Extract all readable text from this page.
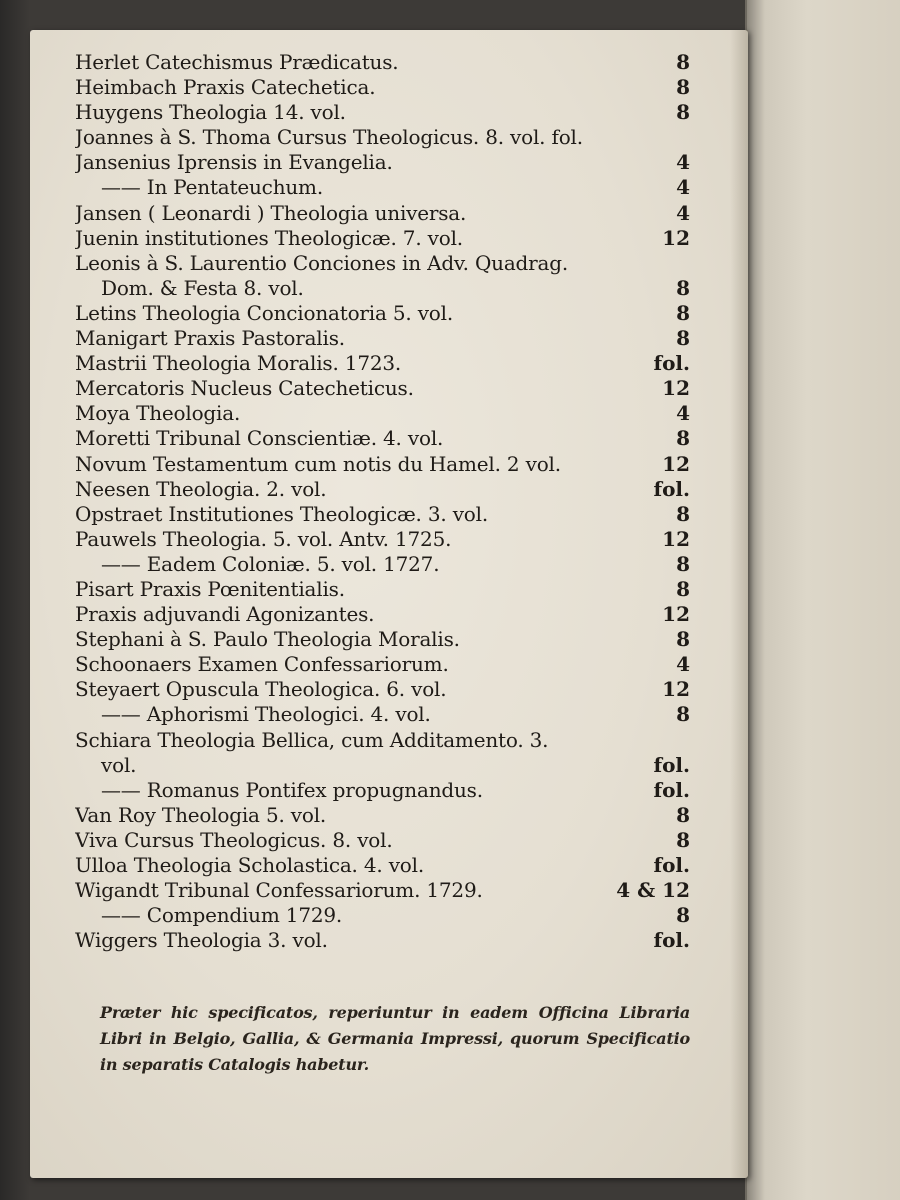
Herlet Catechismus Prædicatus.	8
Heimbach Praxis Catechetica.	8
Huygens Theologia 14. vol.	8
Joannes à S. Thoma Cursus Theologicus. 8. vol. fol.
Jansenius Iprensis in Evangelia.	4
—— In Pentateuchum.	4
Jansen ( Leonardi ) Theologia universa.	4
Juenin institutiones Theologicæ. 7. vol.	12
Leonis à S. Laurentio Conciones in Adv. Quadrag.
Dom. & Festa 8. vol.	8
Letins Theologia Concionatoria 5. vol.	8
Manigart Praxis Pastoralis.	8
Mastrii Theologia Moralis. 1723.	fol.
Mercatoris Nucleus Catecheticus.	12
Moya Theologia.	4
Moretti Tribunal Conscientiæ. 4. vol.	8
Novum Testamentum cum notis du Hamel. 2 vol.	12
Neesen Theologia. 2. vol.	fol.
Opstraet Institutiones Theologicæ. 3. vol.	8
Pauwels Theologia. 5. vol. Antv. 1725.	12
—— Eadem Coloniæ. 5. vol. 1727.	8
Pisart Praxis Pœnitentialis.	8
Praxis adjuvandi Agonizantes.	12
Stephani à S. Paulo Theologia Moralis.	8
Schoonaers Examen Confessariorum.	4
Steyaert Opuscula Theologica. 6. vol.	12
—— Aphorismi Theologici. 4. vol.	8
Schiara Theologia Bellica, cum Additamento. 3.
vol.	fol.
—— Romanus Pontifex propugnandus.	fol.
Van Roy Theologia 5. vol.	8
Viva Cursus Theologicus. 8. vol.	8
Ulloa Theologia Scholastica. 4. vol.	fol.
Wigandt Tribunal Confessariorum. 1729.	4 & 12
—— Compendium 1729.	8
Wiggers Theologia 3. vol.	fol.
Præter hic specificatos, reperiuntur in eadem Officina Libraria Libri in Belgio, Gallia, & Germania Impressi, quorum Specificatio in separatis Catalogis habetur.
